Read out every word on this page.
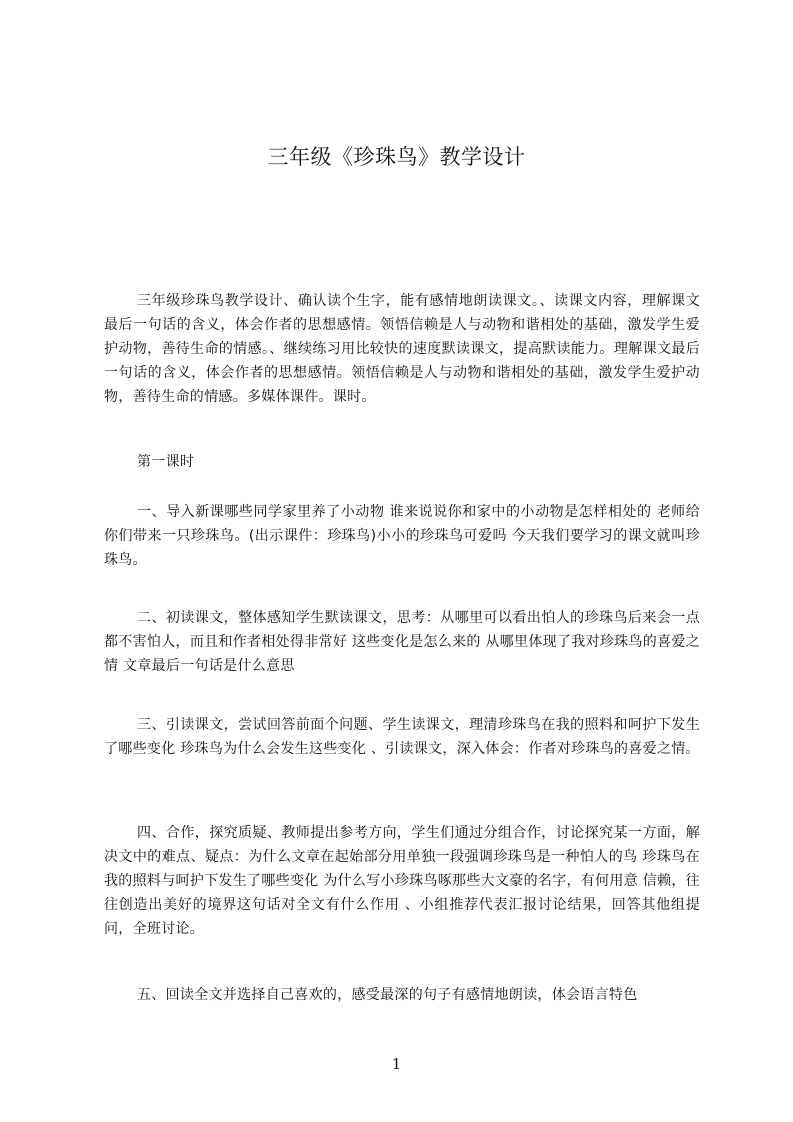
三年级《珍珠鸟》教学设计

三年级珍珠鸟教学设计、确认读个生字，能有感情地朗读课文。、读课文内容，理解课文最后一句话的含义，体会作者的思想感情。领悟信赖是人与动物和谐相处的基础，激发学生爱护动物，善待生命的情感。、继续练习用比较快的速度默读课文，提高默读能力。理解课文最后一句话的含义，体会作者的思想感情。领悟信赖是人与动物和谐相处的基础，激发学生爱护动物，善待生命的情感。多媒体课件。课时。

第一课时

一、导入新课哪些同学家里养了小动物 谁来说说你和家中的小动物是怎样相处的 老师给你们带来一只珍珠鸟。(出示课件：珍珠鸟)小小的珍珠鸟可爱吗 今天我们要学习的课文就叫珍珠鸟。

二、初读课文，整体感知学生默读课文，思考：从哪里可以看出怕人的珍珠鸟后来会一点都不害怕人，而且和作者相处得非常好 这些变化是怎么来的 从哪里体现了我对珍珠鸟的喜爱之情 文章最后一句话是什么意思

三、引读课文，尝试回答前面个问题、学生读课文，理清珍珠鸟在我的照料和呵护下发生了哪些变化 珍珠鸟为什么会发生这些变化 、引读课文，深入体会：作者对珍珠鸟的喜爱之情。

四、合作，探究质疑、教师提出参考方向，学生们通过分组合作，讨论探究某一方面，解决文中的难点、疑点：为什么文章在起始部分用单独一段强调珍珠鸟是一种怕人的鸟 珍珠鸟在我的照料与呵护下发生了哪些变化 为什么写小珍珠鸟啄那些大文豪的名字，有何用意 信赖，往往创造出美好的境界这句话对全文有什么作用 、小组推荐代表汇报讨论结果，回答其他组提问，全班讨论。

五、回读全文并选择自己喜欢的，感受最深的句子有感情地朗读，体会语言特色

1
